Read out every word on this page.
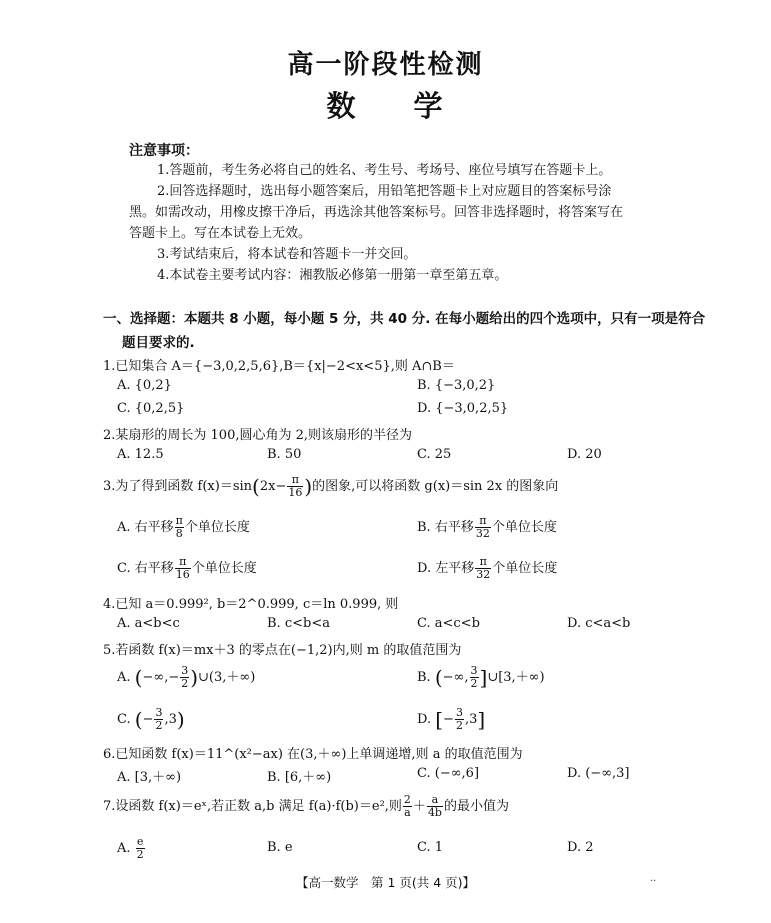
高一阶段性检测
数 学
注意事项：
1.答题前，考生务必将自己的姓名、考生号、考场号、座位号填写在答题卡上。
2.回答选择题时，选出每小题答案后，用铅笔把答题卡上对应题目的答案标号涂
黑。如需改动，用橡皮擦干净后，再选涂其他答案标号。回答非选择题时，将答案写在
答题卡上。写在本试卷上无效。
3.考试结束后，将本试卷和答题卡一并交回。
4.本试卷主要考试内容：湘教版必修第一册第一章至第五章。
一、选择题：本题共 8 小题，每小题 5 分，共 40 分. 在每小题给出的四个选项中，只有一项是符合
题目要求的.
1.已知集合 A＝{−3,0,2,5,6},B＝{x|−2<x<5},则 A∩B＝
A. {0,2}	B. {−3,0,2}
C. {0,2,5}	D. {−3,0,2,5}
2.某扇形的周长为 100,圆心角为 2,则该扇形的半径为
A. 12.5	B. 50	C. 25	D. 20
3.为了得到函数 $f(x)=\sin(2x- \frac{\pi}{16}$ )的图象,可以将函数 g(x)＝sin 2x 的图象向
A. 右平移 $\frac{\pi}{8}$ 个单位长度	B. 右平移 $\frac{\pi}{32}$ 个单位长度
C. 右平移 $\frac{\pi}{16}$ 个单位长度	D. 左平移 $\frac{\pi}{32}$ 个单位长度
4.已知 a＝0.999², b＝2^0.999, c＝ln 0.999, 则
A. a<b<c	B. c<b<a	C. a<c<b	D. c<a<b
5.若函数 f(x)＝mx＋3 的零点在(−1,2)内,则 m 的取值范围为
A. (−∞,− $\frac{3}{2}$ )∪(3,＋∞)	B. (−∞, $\frac{3}{2}$ ]∪[3,＋∞)
C. (− $\frac{3}{2} ,3$)	D. [− $\frac{3}{2} ,3$]
6.已知函数 f(x)＝11^(x²−ax) 在(3,＋∞)上单调递增,则 a 的取值范围为
A. [3,＋∞)	B. [6,＋∞)	C. (−∞,6]	D. (−∞,3]
7.设函数 f(x)＝eˣ,若正数 a,b 满足 f(a)·f(b)＝e²,则 $\frac{2}{a} + \frac{a}{4b}$ 的最小值为
A. $\frac{e}{2}$	B. e	C. 1	D. 2
【高一数学　第 1 页(共 4 页)】	··
